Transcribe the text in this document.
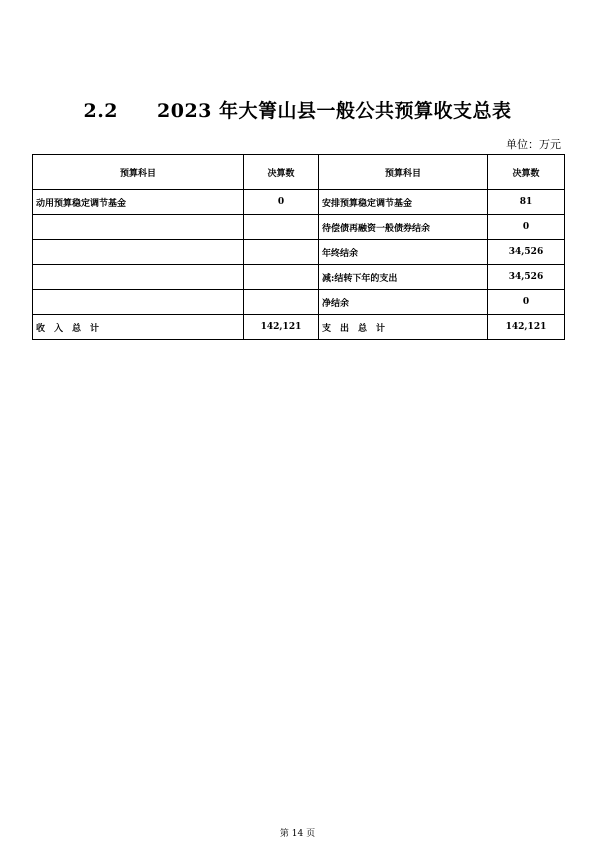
2.2　　2023 年大箐山县一般公共预算收支总表
单位：万元
预算科目	决算数	预算科目	决算数
动用预算稳定调节基金	0	安排预算稳定调节基金	81
		待偿债再融资一般债券结余	0
		年终结余	34,526
		减:结转下年的支出	34,526
		净结余	0
收　入　总　计	142,121	支　出　总　计	142,121
第 14 页
